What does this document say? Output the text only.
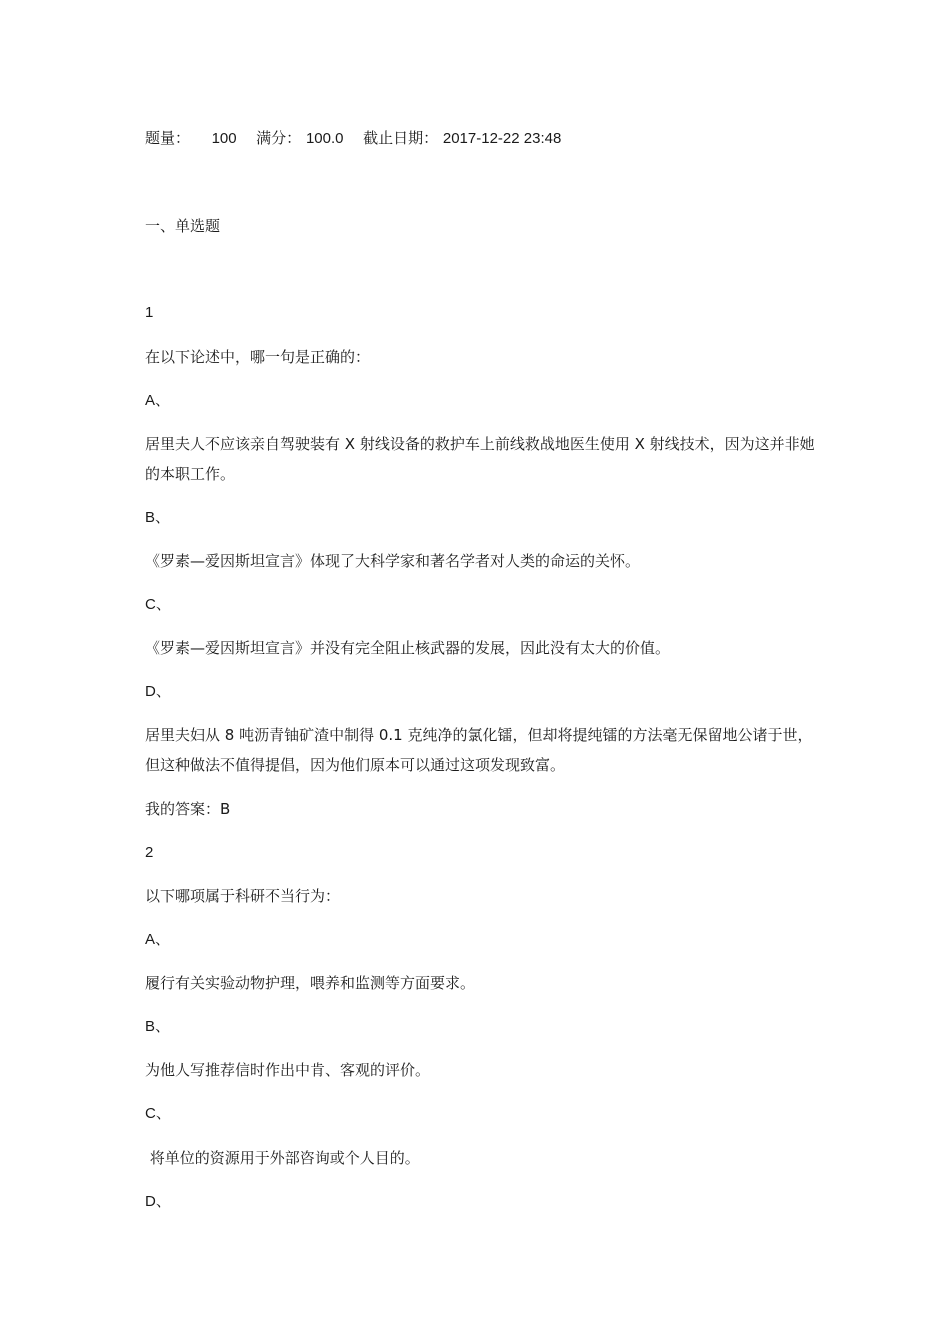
题量： 100 满分： 100.0 截止日期： 2017-12-22 23:48
一、单选题
1
在以下论述中，哪一句是正确的：
A、
居里夫人不应该亲自驾驶装有 X 射线设备的救护车上前线救战地医生使用 X 射线技术，因为这并非她的本职工作。
B、
《罗素—爱因斯坦宣言》体现了大科学家和著名学者对人类的命运的关怀。
C、
《罗素—爱因斯坦宣言》并没有完全阻止核武器的发展，因此没有太大的价值。
D、
居里夫妇从 8 吨沥青铀矿渣中制得 0.1 克纯净的氯化镭，但却将提纯镭的方法毫无保留地公诸于世，但这种做法不值得提倡，因为他们原本可以通过这项发现致富。
我的答案：B
2
以下哪项属于科研不当行为：
A、
履行有关实验动物护理，喂养和监测等方面要求。
B、
为他人写推荐信时作出中肯、客观的评价。
C、
将单位的资源用于外部咨询或个人目的。
D、
